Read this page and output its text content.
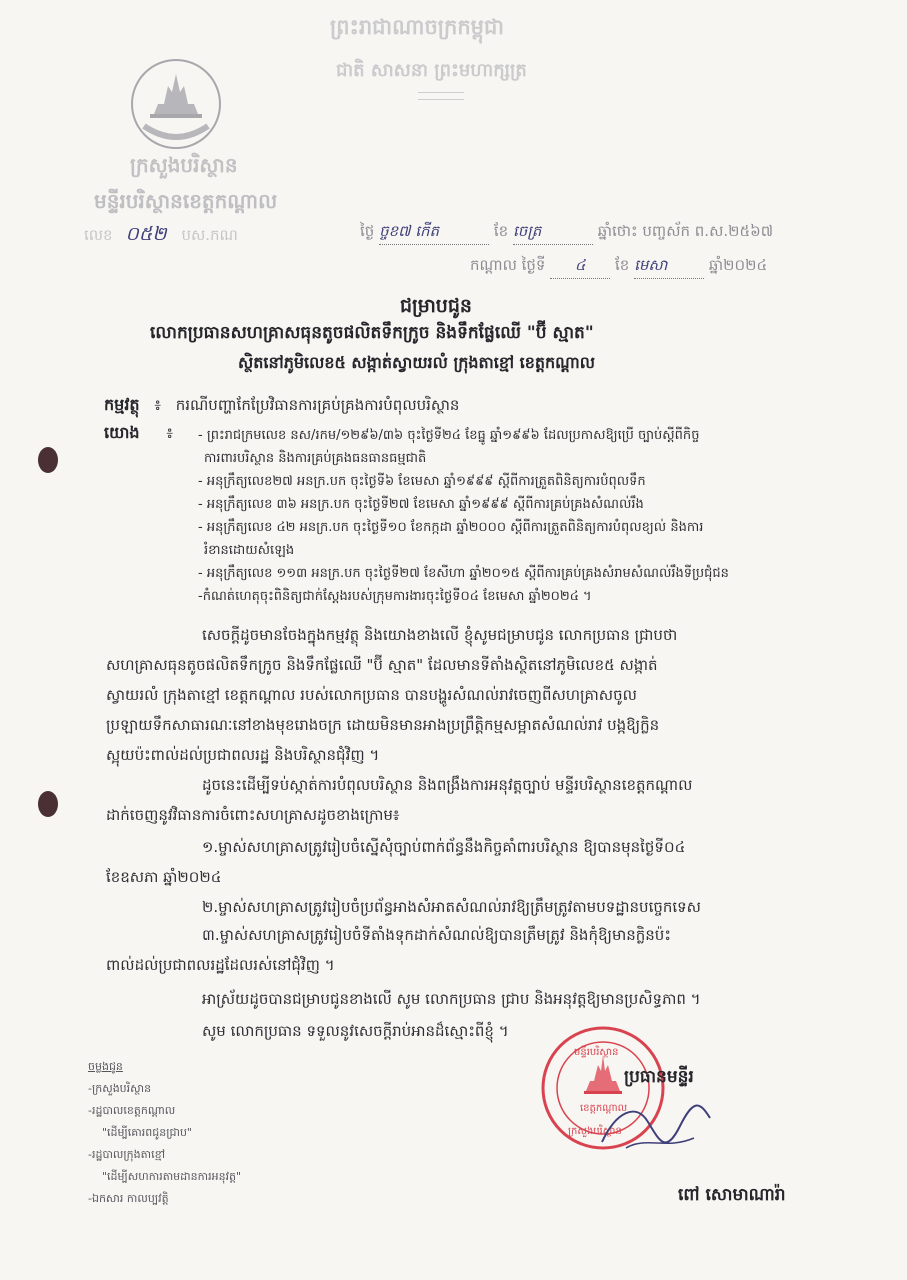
ព្រះរាជាណាចក្រកម្ពុជា
ជាតិ សាសនា ព្រះមហាក្សត្រ
ក្រសួងបរិស្ថាន
មន្ទីរបរិស្ថានខេត្តកណ្តាល
លេខ ០៥២ បស.កណ	ថ្ងៃ ច្ចខ៧ កើត	ខែ ចេត្រ	ឆ្នាំថោះ បញ្ចស័ក ព.ស.២៥៦៧
កណ្តាល ថ្ងៃទី ៤ ខែ មេសា	ឆ្នាំ២០២៤
ជម្រាបជូន
លោកប្រធានសហគ្រាសធុនតូចផលិតទឹកក្រូច និងទឹកផ្លែឈើ "ប៊ី ស្មាត"
ស្ថិតនៅភូមិលេខ៥ សង្កាត់ស្វាយរលំ ក្រុងតាខ្មៅ ខេត្តកណ្តាល
កម្មវត្ថុ ៖ ករណីបញ្ហាកែប្រែវិធានការគ្រប់គ្រងការបំពុលបរិស្ថាន
យោង ៖ - ព្រះរាជក្រមលេខ នស/រកម/១២៩៦/៣៦ ចុះថ្ងៃទី២៤ ខែធ្នូ ឆ្នាំ១៩៩៦ ដែលប្រកាសឱ្យប្រើ ច្បាប់ស្តីពីកិច្ច
ការពារបរិស្ថាន និងការគ្រប់គ្រងធនធានធម្មជាតិ
- អនុក្រឹត្យលេខ២៧ អនក្រ.បក ចុះថ្ងៃទី៦ ខែមេសា ឆ្នាំ១៩៩៩ ស្តីពីការត្រួតពិនិត្យការបំពុលទឹក
- អនុក្រឹត្យលេខ ៣៦ អនក្រ.បក ចុះថ្ងៃទី២៧ ខែមេសា ឆ្នាំ១៩៩៩ ស្តីពីការគ្រប់គ្រងសំណល់រឹង
- អនុក្រឹត្យលេខ ៤២ អនក្រ.បក ចុះថ្ងៃទី១០ ខែកក្កដា ឆ្នាំ២០០០ ស្តីពីការត្រួតពិនិត្យការបំពុលខ្យល់ និងការ
រំខានដោយសំឡេង
- អនុក្រឹត្យលេខ ១១៣ អនក្រ.បក ចុះថ្ងៃទី២៧ ខែសីហា ឆ្នាំ២០១៥ ស្តីពីការគ្រប់គ្រងសំរាមសំណល់រឹងទីប្រជុំជន
-កំណត់ហេតុចុះពិនិត្យជាក់ស្តែងរបស់ក្រុមការងារចុះថ្ងៃទី០៤ ខែមេសា ឆ្នាំ២០២៤ ។
សេចក្តីដូចមានចែងក្នុងកម្មវត្ថុ និងយោងខាងលើ ខ្ញុំសូមជម្រាបជូន លោកប្រធាន ជ្រាបថា
សហគ្រាសធុនតូចផលិតទឹកក្រូច និងទឹកផ្លែឈើ "ប៊ី ស្មាត" ដែលមានទីតាំងស្ថិតនៅភូមិលេខ៥ សង្កាត់
ស្វាយរលំ ក្រុងតាខ្មៅ ខេត្តកណ្តាល របស់លោកប្រធាន បានបង្ហូរសំណល់រាវចេញពីសហគ្រាសចូល
ប្រឡាយទឹកសាធារណៈនៅខាងមុខរោងចក្រ ដោយមិនមានអាងប្រព្រឹត្តិកម្មសម្អាតសំណល់រាវ បង្កឱ្យក្លិន
ស្អុយប៉ះពាល់ដល់ប្រជាពលរដ្ឋ និងបរិស្ថានជុំវិញ ។
ដូចនេះដើម្បីទប់ស្កាត់ការបំពុលបរិស្ថាន និងពង្រឹងការអនុវត្តច្បាប់ មន្ទីរបរិស្ថានខេត្តកណ្តាល
ដាក់ចេញនូវវិធានការចំពោះសហគ្រាសដូចខាងក្រោម៖
១.ម្ចាស់សហគ្រាសត្រូវរៀបចំស្នើសុំច្បាប់ពាក់ព័ន្ធនឹងកិច្ចគាំពារបរិស្ថាន ឱ្យបានមុនថ្ងៃទី០៤
ខែឧសភា ឆ្នាំ២០២៤
២.ម្ចាស់សហគ្រាសត្រូវរៀបចំប្រព័ន្ធអាងសំអាតសំណល់រាវឱ្យត្រឹមត្រូវតាមបទដ្ឋានបច្ចេកទេស
៣.ម្ចាស់សហគ្រាសត្រូវរៀបចំទីតាំងទុកដាក់សំណល់ឱ្យបានត្រឹមត្រូវ និងកុំឱ្យមានក្លិនប៉ះ
ពាល់ដល់ប្រជាពលរដ្ឋដែលរស់នៅជុំវិញ ។
អាស្រ័យដូចបានជម្រាបជូនខាងលើ សូម លោកប្រធាន ជ្រាប និងអនុវត្តឱ្យមានប្រសិទ្ធភាព ។
សូម លោកប្រធាន ទទួលនូវសេចក្តីរាប់អានដ៏ស្មោះពីខ្ញុំ ។
ចម្លងជូន
-ក្រសួងបរិស្ថាន
-រដ្ឋបាលខេត្តកណ្តាល
"ដើម្បីគោរពជូនជ្រាប"
-រដ្ឋបាលក្រុងតាខ្មៅ
"ដើម្បីសហការតាមដានការអនុវត្ត"
-ឯកសារ កាលប្បវត្តិ
មន្ទីរបរិស្ថាន
ខេត្តកណ្តាល
ក្រសួងបរិស្ថាន
ប្រធានមន្ទីរ
ពៅ សោមាណារ៉ា
